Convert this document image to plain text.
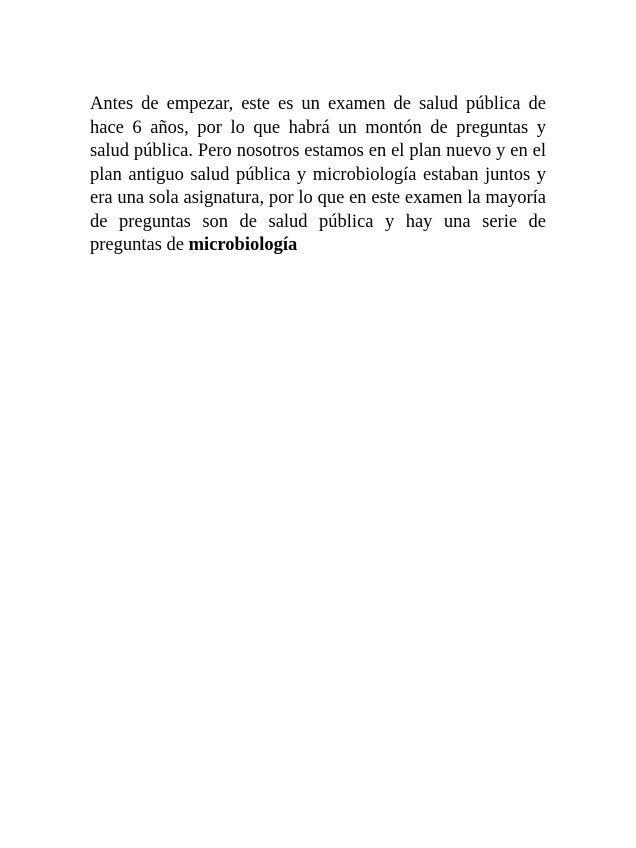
Antes de empezar, este es un examen de salud pública de hace 6 años, por lo que habrá un montón de preguntas y salud pública. Pero nosotros estamos en el plan nuevo y en el plan antiguo salud pública y microbiología estaban juntos y era una sola asignatura, por lo que en este examen la mayoría de preguntas son de salud pública y hay una serie de preguntas de microbiología
